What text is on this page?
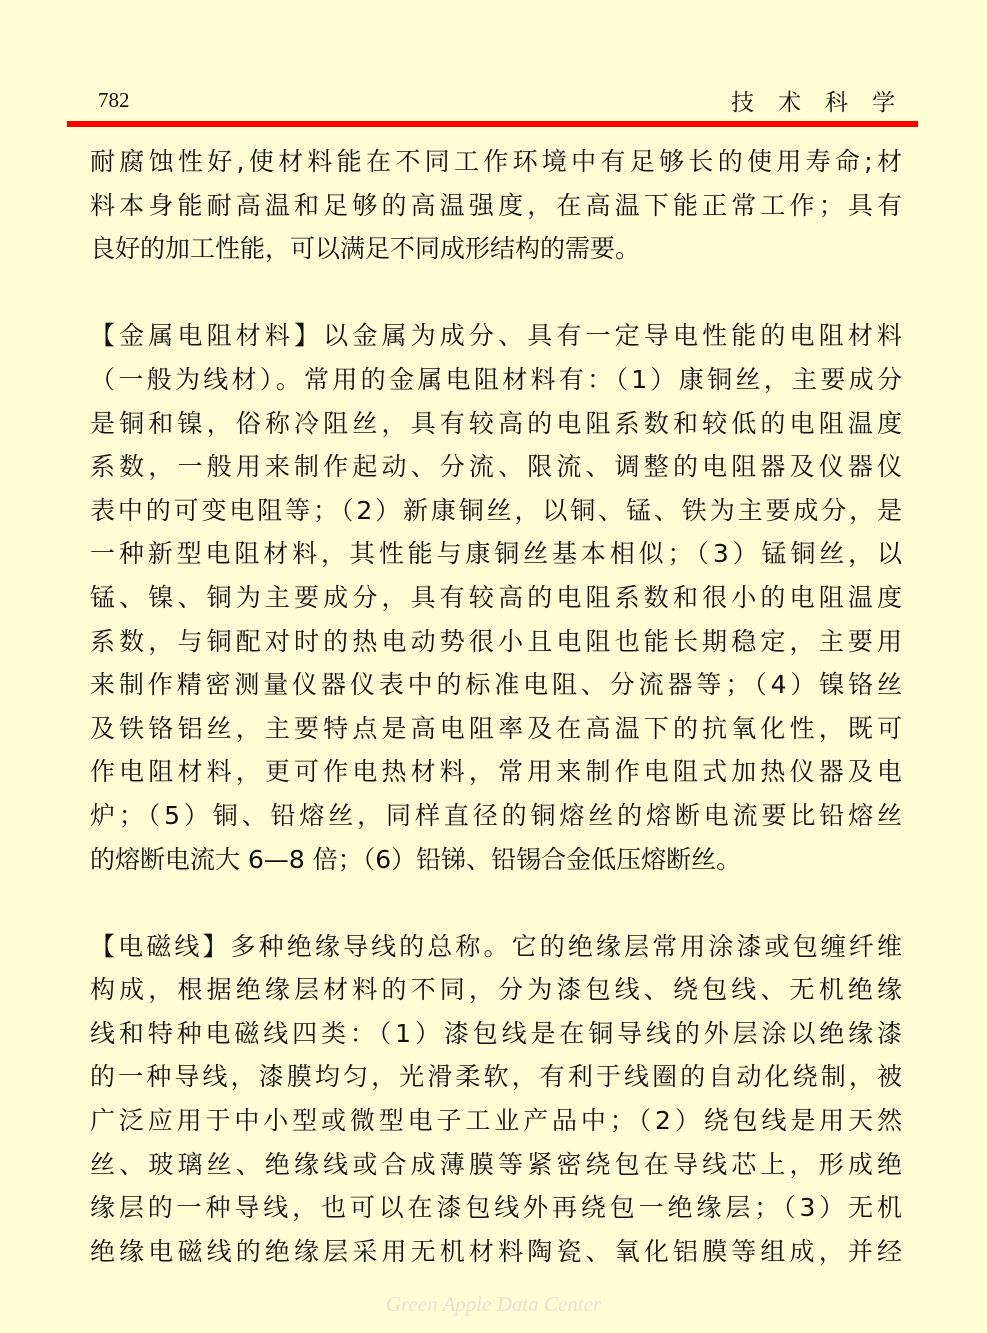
782	技术科学
耐腐蚀性好,使材料能在不同工作环境中有足够长的使用寿命;材
料本身能耐高温和足够的高温强度，在高温下能正常工作；具有
良好的加工性能，可以满足不同成形结构的需要。
【金属电阻材料】以金属为成分、具有一定导电性能的电阻材料
（一般为线材）。常用的金属电阻材料有：（1）康铜丝，主要成分
是铜和镍，俗称冷阻丝，具有较高的电阻系数和较低的电阻温度
系数，一般用来制作起动、分流、限流、调整的电阻器及仪器仪
表中的可变电阻等；（2）新康铜丝，以铜、锰、铁为主要成分，是
一种新型电阻材料，其性能与康铜丝基本相似；（3）锰铜丝，以
锰、镍、铜为主要成分，具有较高的电阻系数和很小的电阻温度
系数，与铜配对时的热电动势很小且电阻也能长期稳定，主要用
来制作精密测量仪器仪表中的标准电阻、分流器等；（4）镍铬丝
及铁铬铝丝，主要特点是高电阻率及在高温下的抗氧化性，既可
作电阻材料，更可作电热材料，常用来制作电阻式加热仪器及电
炉；（5）铜、铅熔丝，同样直径的铜熔丝的熔断电流要比铅熔丝
的熔断电流大 6—8 倍；（6）铅锑、铅锡合金低压熔断丝。
【电磁线】多种绝缘导线的总称。它的绝缘层常用涂漆或包缠纤维
构成，根据绝缘层材料的不同，分为漆包线、绕包线、无机绝缘
线和特种电磁线四类：（1）漆包线是在铜导线的外层涂以绝缘漆
的一种导线，漆膜均匀，光滑柔软，有利于线圈的自动化绕制，被
广泛应用于中小型或微型电子工业产品中；（2）绕包线是用天然
丝、玻璃丝、绝缘线或合成薄膜等紧密绕包在导线芯上，形成绝
缘层的一种导线，也可以在漆包线外再绕包一绝缘层；（3）无机
绝缘电磁线的绝缘层采用无机材料陶瓷、氧化铝膜等组成，并经
Green Apple Data Center
